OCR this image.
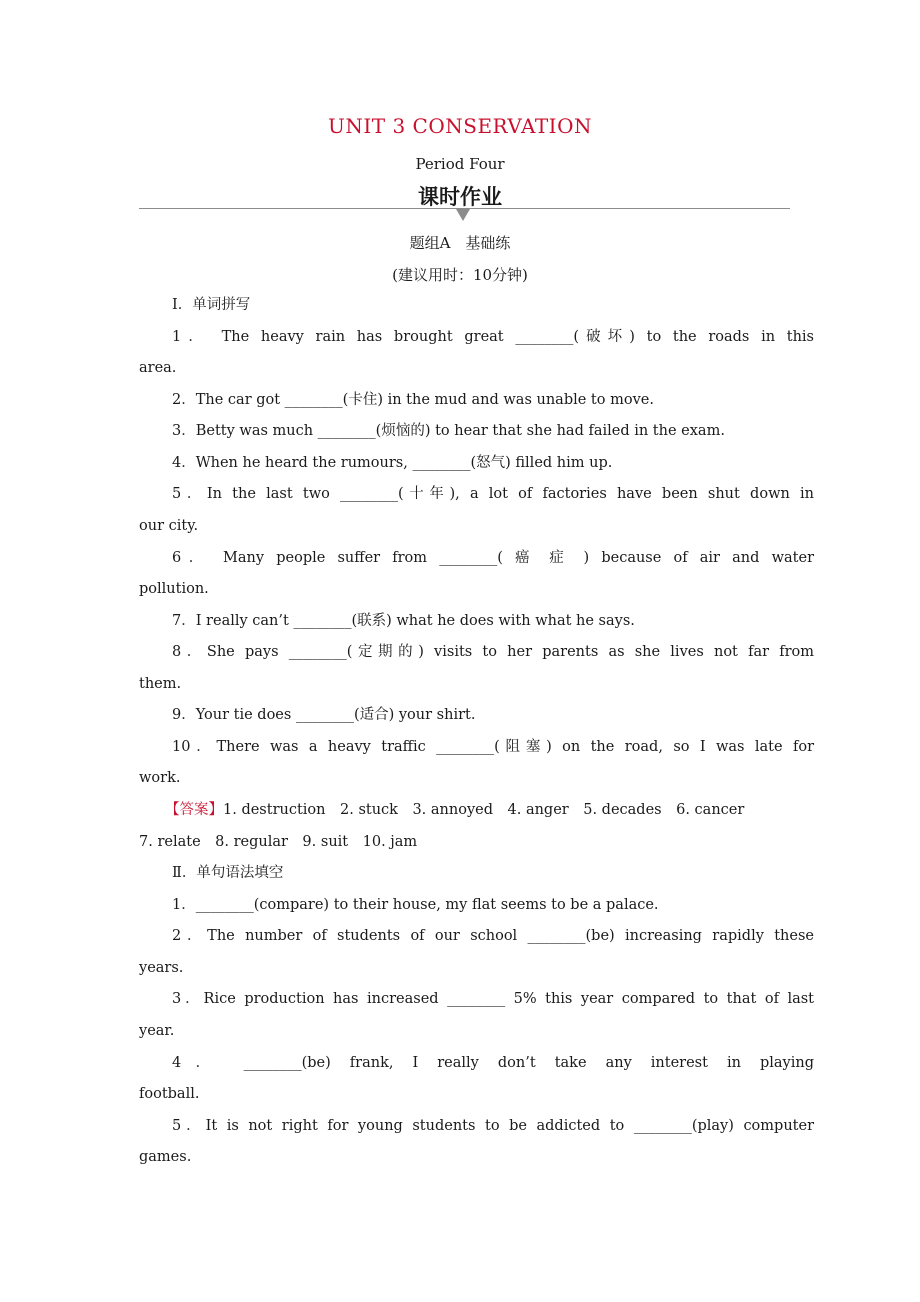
UNIT 3 CONSERVATION
Period Four
课时作业
题组A　基础练
(建议用时：10分钟)
Ⅰ．单词拼写
1． The heavy rain has brought great ________(破坏) to the roads in this
area.
2．The car got ________(卡住) in the mud and was unable to move.
3．Betty was much ________(烦恼的) to hear that she had failed in the exam.
4．When he heard the rumours, ________(怒气) filled him up.
5．In the last two ________(十年), a lot of factories have been shut down in
our city.
6． Many people suffer from ________( 癌 症 ) because of air and water
pollution.
7．I really can’t ________(联系) what he does with what he says.
8．She pays ________(定期的) visits to her parents as she lives not far from
them.
9．Your tie does ________(适合) your shirt.
10．There was a heavy traffic ________(阻塞) on the road, so I was late for
work.
【答案】1. destruction　2. stuck　3. annoyed　4. anger　5. decades　6. cancer
7. relate　8. regular　9. suit　10. jam
Ⅱ．单句语法填空
1．________(compare) to their house, my flat seems to be a palace.
2．The number of students of our school ________(be) increasing rapidly these
years.
3．Rice production has increased ________ 5% this year compared to that of last
year.
4． ________(be) frank, I really don’t take any interest in playing
football.
5．It is not right for young students to be addicted to ________(play) computer
games.
